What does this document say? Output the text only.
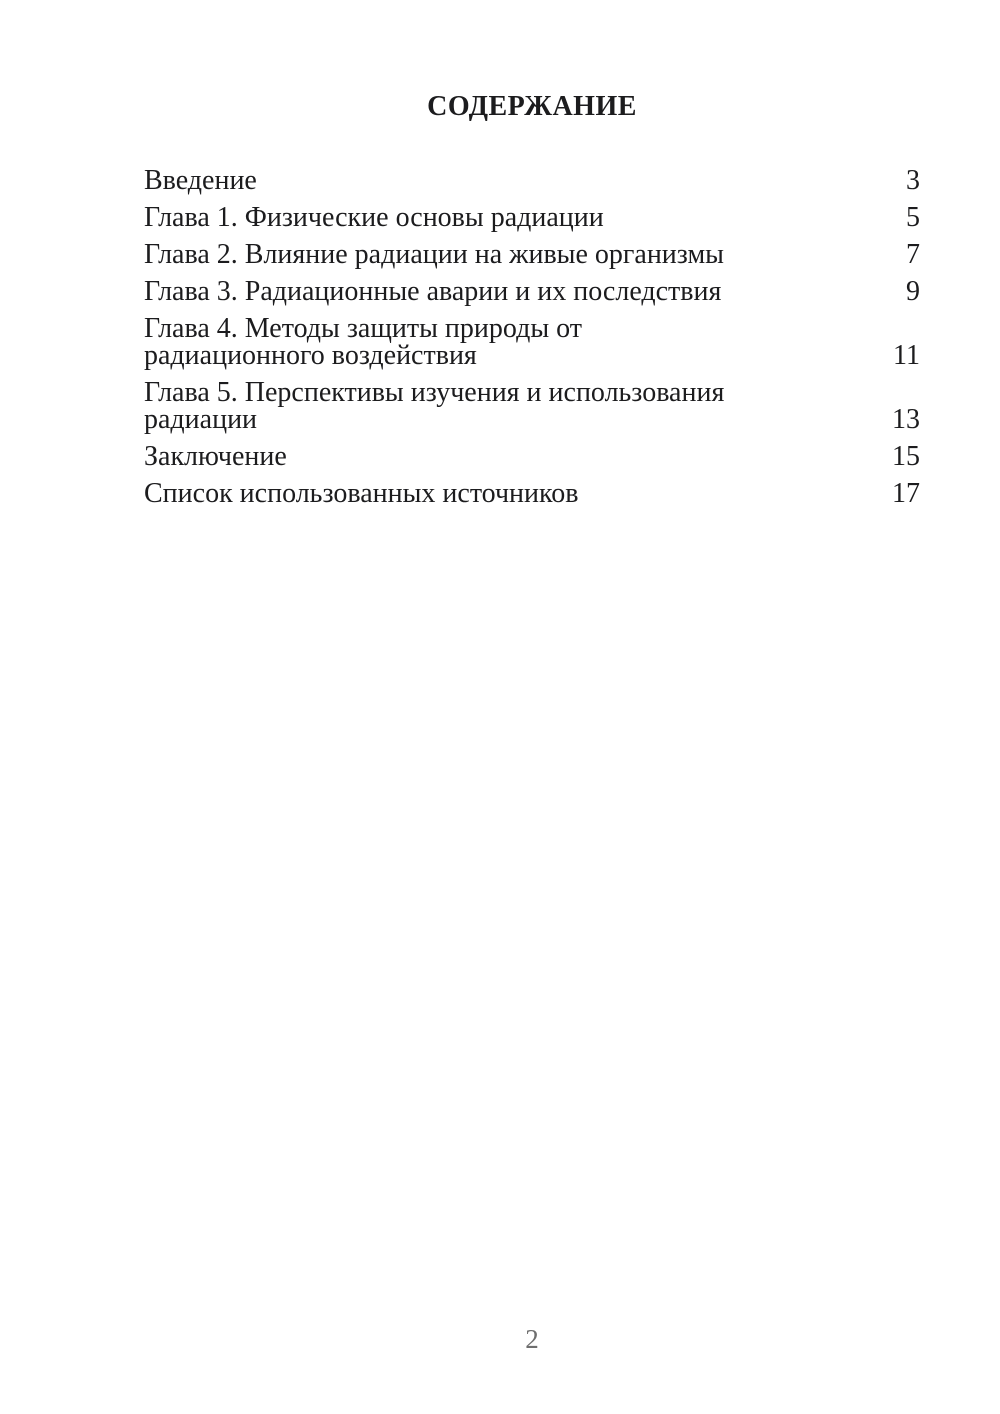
СОДЕРЖАНИЕ
Введение	3
Глава 1. Физические основы радиации	5
Глава 2. Влияние радиации на живые организмы	7
Глава 3. Радиационные аварии и их последствия	9
Глава 4. Методы защиты природы от радиационного воздействия	11
Глава 5. Перспективы изучения и использования радиации	13
Заключение	15
Список использованных источников	17
2
